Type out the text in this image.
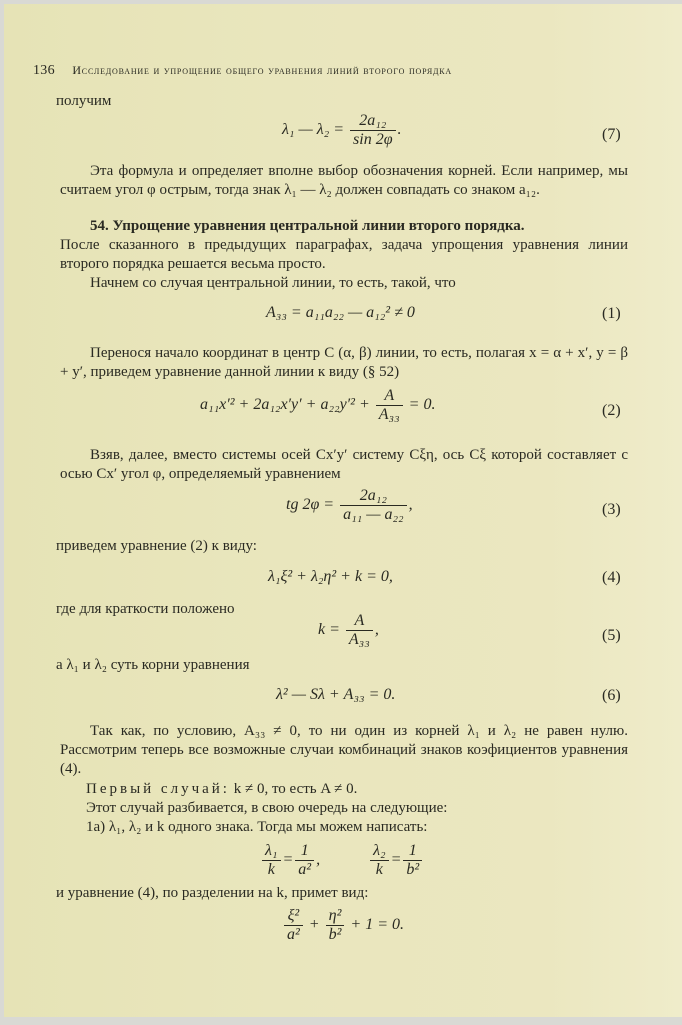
136 Исследование и упрощение общего уравнения линий второго порядка
получим
λ₁ — $\lambda_2 = \frac{\text{2a₁₂}}{\sin 2\varphi}$ .	(7)
Эта формула и определяет вполне выбор обозначения корней. Если например, мы считаем угол φ острым, тогда знак λ₁ — λ₂ должен совпадать со знаком a₁₂.
54. Упрощение уравнения центральной линии второго порядка.
После сказанного в предыдущих параграфах, задача упрощения уравнения линии второго порядка решается весьма просто.
Начнем со случая центральной линии, то есть, такой, что
A₃₃ = a₁₁a₂₂ — a₁₂² ≠ 0	(1)
Перенося начало координат в центр C (α, β) линии, то есть, полагая x = α + x′, y = β + y′, приведем уравнение данной линии к виду (§ 52)
$a_{11}x'^2 + 2a_{12}x'y' + a_{22}y'^2 + \frac{A}{\text{A₃₃}} = 0$.	(2)
Взяв, далее, вместо системы осей Cx′y′ систему Cξη, ось Cξ которой составляет с осью Cx′ угол φ, определяемый уравнением
tg $2\varphi = \frac{\text{2a₁₂}}{\text{a₁₁ — a₂₂}}$ ,	(3)
приведем уравнение (2) к виду:
λ₁ξ² + λ₂η² + k = 0,	(4)
где для краткости положено
$k = \frac{A}{\text{A₃₃}}$ ,	(5)
а λ₁ и λ₂ суть корни уравнения
λ² — Sλ + A₃₃ = 0.	(6)
Так как, по условию, A₃₃ ≠ 0, то ни один из корней λ₁ и λ₂ не равен нулю. Рассмотрим теперь все возможные случаи комбинаций знаков коэфициентов уравнения (4).
Первый случай: k ≠ 0, то есть A ≠ 0.
Этот случай разбивается, в свою очередь на следующие:
1a) λ₁, λ₂ и k одного знака. Тогда мы можем написать:
$\frac{\text{λ₁}}{k} = \frac{1}{\text{a²}}$ ,	$\frac{\text{λ₂}}{k} = \frac{1}{\text{b²}}$
и уравнение (4), по разделении на k, примет вид:
$\frac{\text{ξ²}}{\text{a²}} + \frac{\text{η²}}{\text{b²}} + 1 = 0$.
